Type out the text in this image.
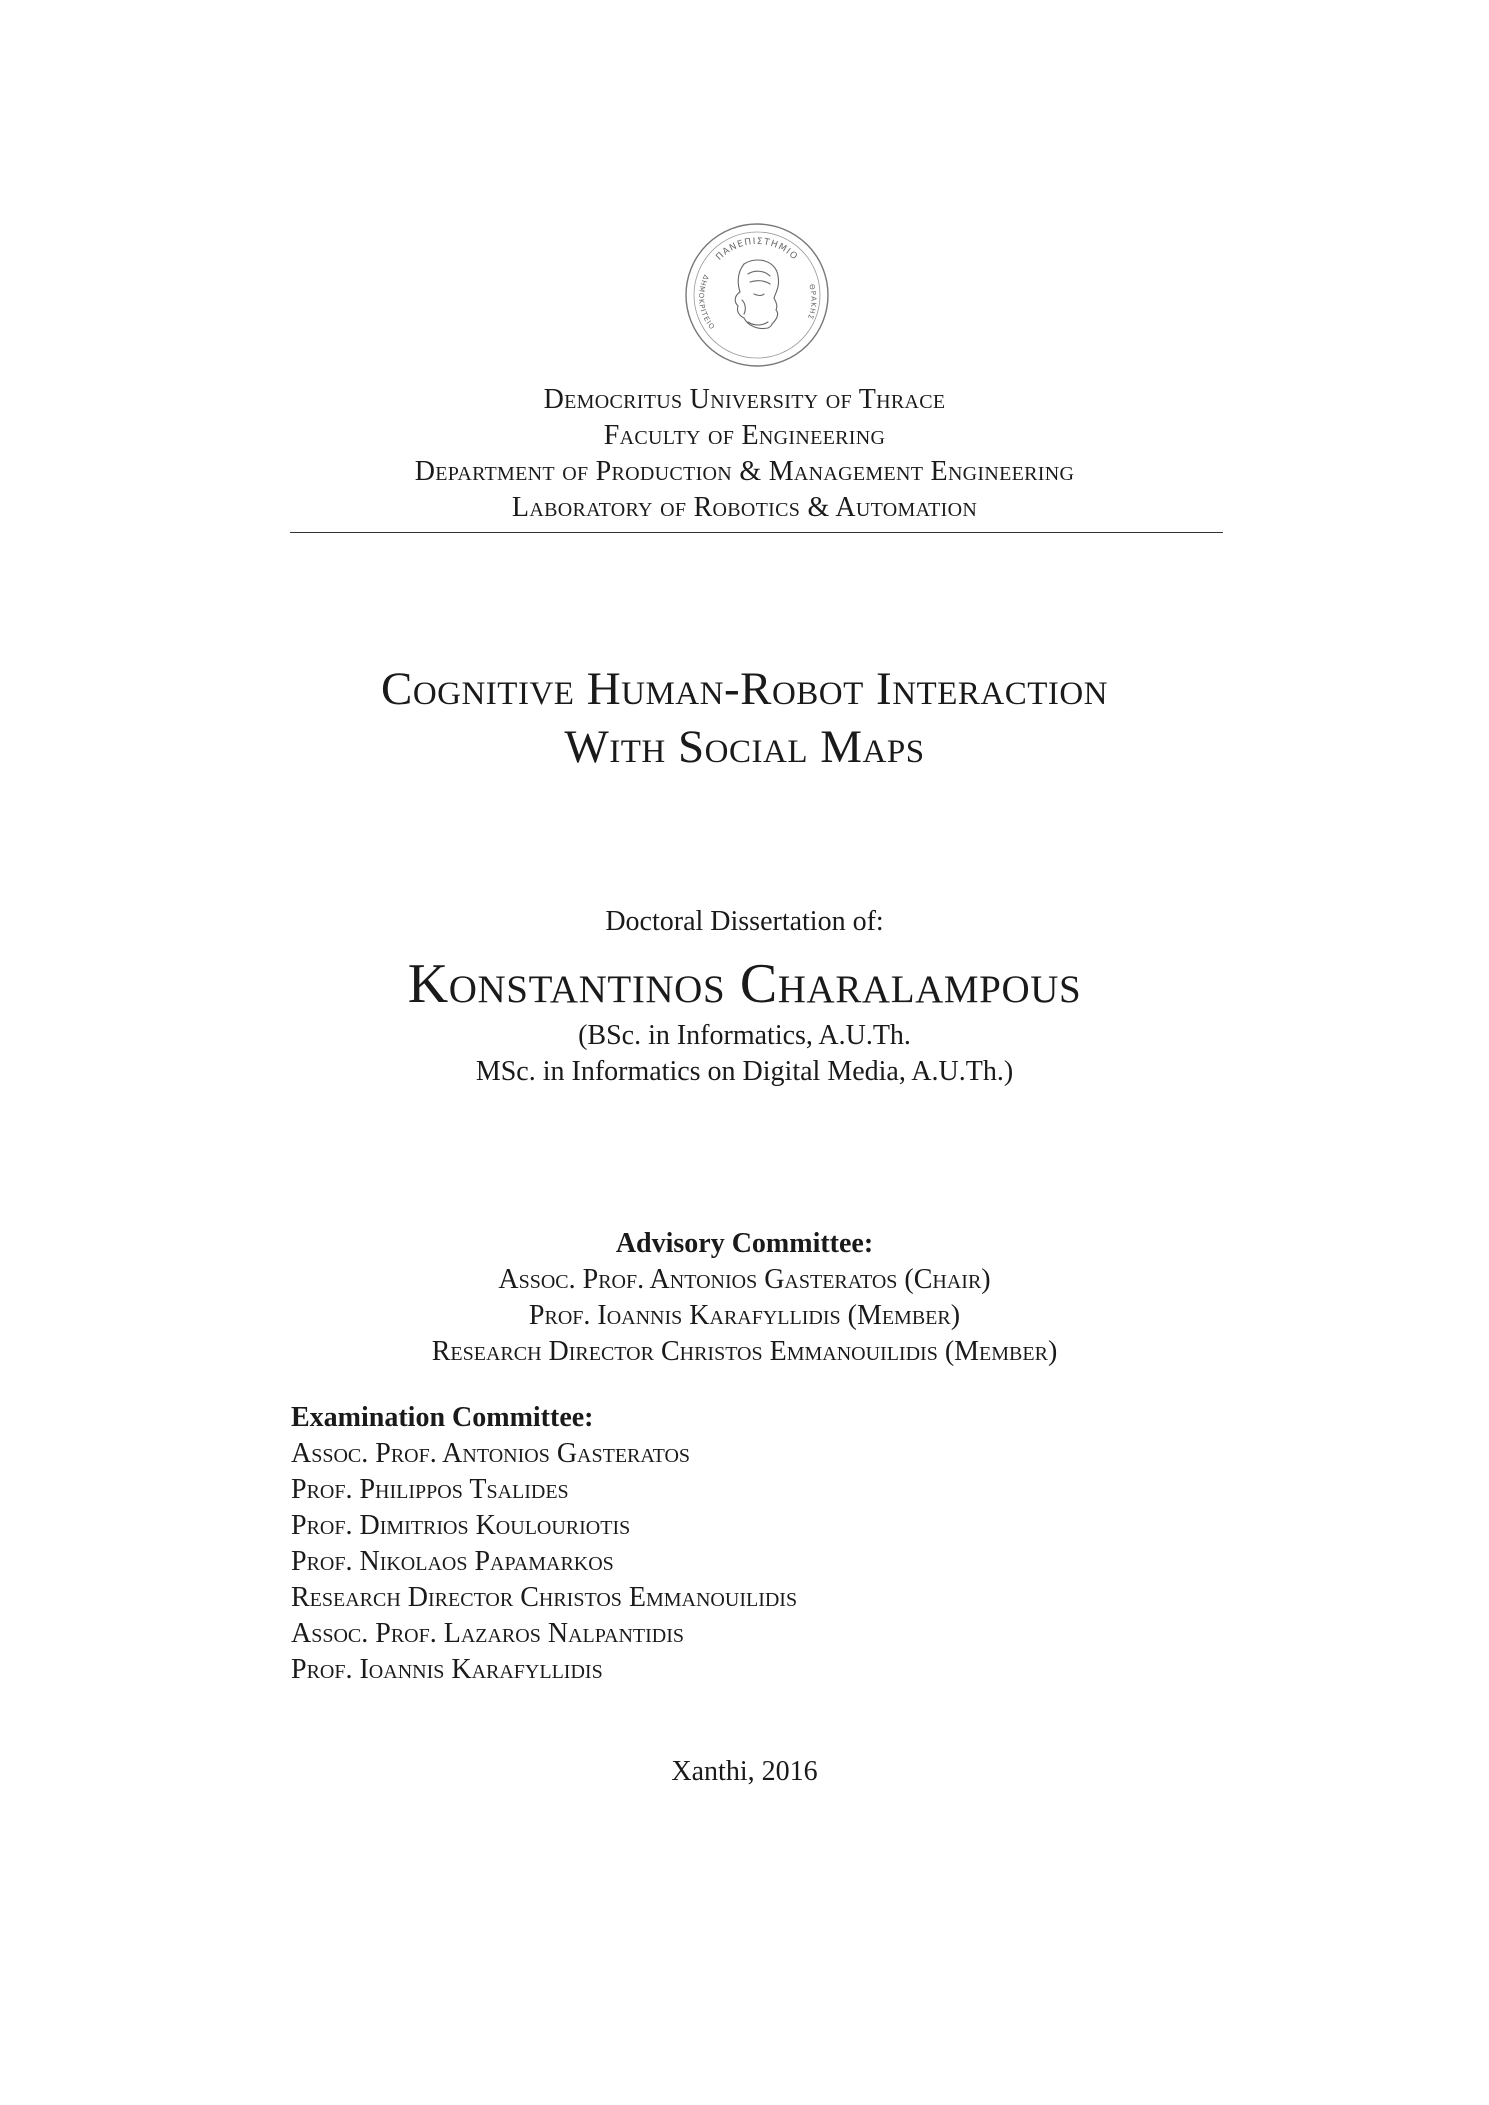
ΠΑΝΕΠΙΣΤΗΜΙΟ
ΔΗΜΟΚΡΙΤΕΙΟ
ΘΡΑΚΗΣ
Democritus University of Thrace
Faculty of Engineering
Department of Production & Management Engineering
Laboratory of Robotics & Automation
Cognitive Human-Robot Interaction
With Social Maps
Doctoral Dissertation of:
Konstantinos Charalampous
(BSc. in Informatics, A.U.Th.
MSc. in Informatics on Digital Media, A.U.Th.)
Advisory Committee:
Assoc. Prof. Antonios Gasteratos (Chair)
Prof. Ioannis Karafyllidis (Member)
Research Director Christos Emmanouilidis (Member)
Examination Committee:
Assoc. Prof. Antonios Gasteratos
Prof. Philippos Tsalides
Prof. Dimitrios Koulouriotis
Prof. Nikolaos Papamarkos
Research Director Christos Emmanouilidis
Assoc. Prof. Lazaros Nalpantidis
Prof. Ioannis Karafyllidis
Xanthi, 2016
